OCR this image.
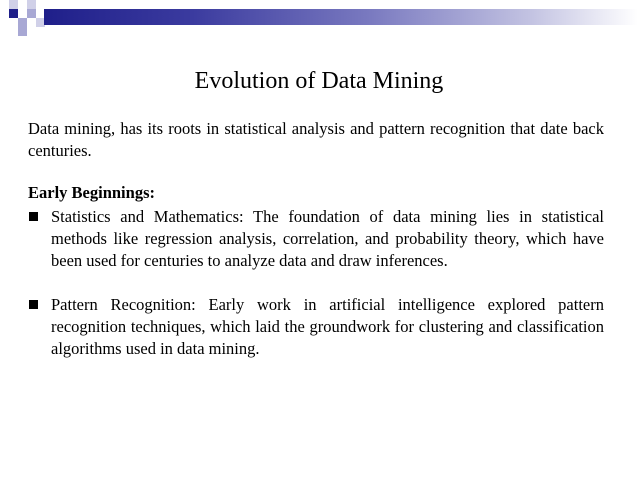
Evolution of Data Mining

Data mining, has its roots in statistical analysis and pattern recognition that date back centuries.

Early Beginnings:

Statistics and Mathematics: The foundation of data mining lies in statistical methods like regression analysis, correlation, and probability theory, which have been used for centuries to analyze data and draw inferences.
Pattern Recognition: Early work in artificial intelligence explored pattern recognition techniques, which laid the groundwork for clustering and classification algorithms used in data mining.
